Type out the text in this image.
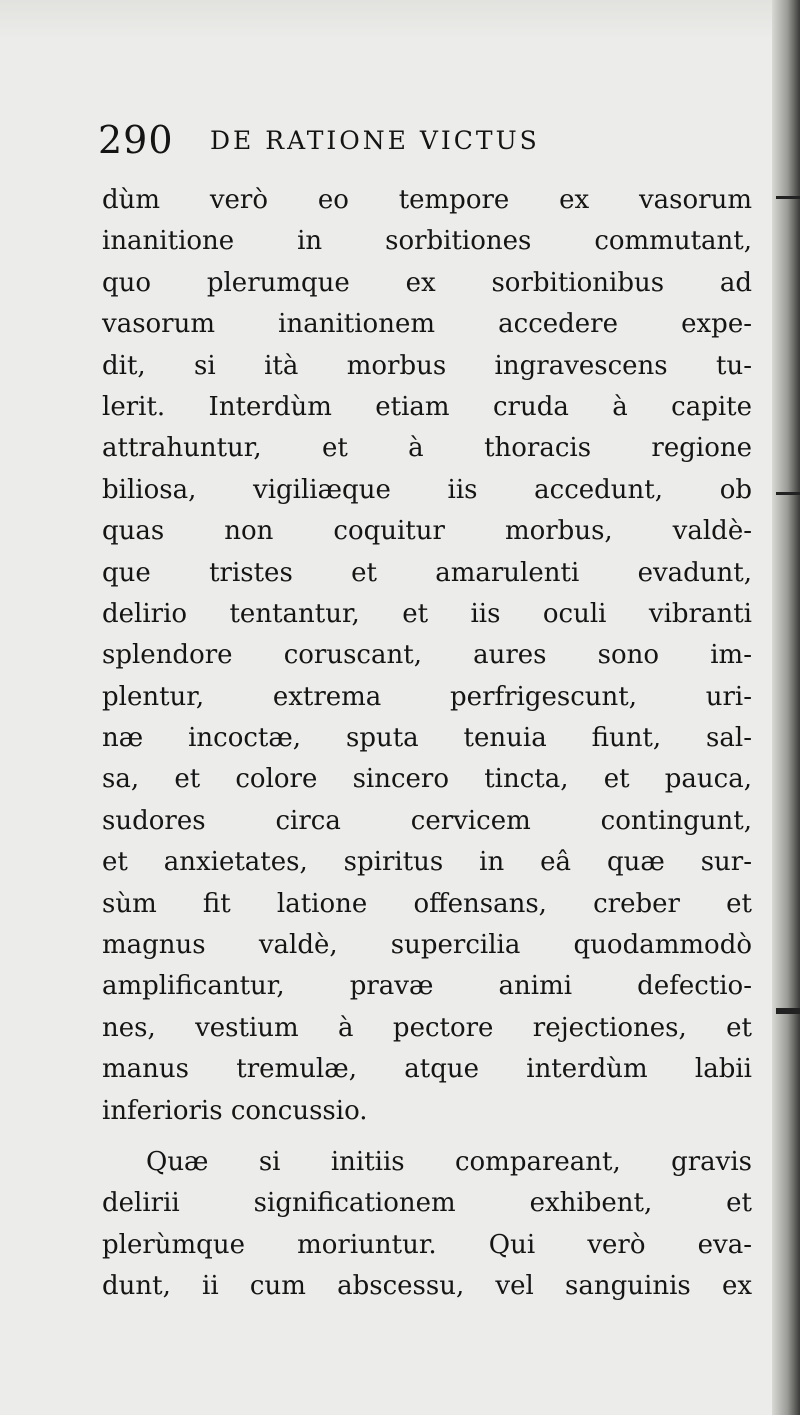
290 DE RATIONE VICTUS
dùm verò eo tempore ex vasorum
inanitione in sorbitiones commutant,
quo plerumque ex sorbitionibus ad
vasorum inanitionem accedere expe-
dit, si ità morbus ingravescens tu-
lerit. Interdùm etiam cruda à capite
attrahuntur, et à thoracis regione
biliosa, vigiliæque iis accedunt, ob
quas non coquitur morbus, valdè-
que tristes et amarulenti evadunt,
delirio tentantur, et iis oculi vibranti
splendore coruscant, aures sono im-
plentur, extrema perfrigescunt, uri-
næ incoctæ, sputa tenuia fiunt, sal-
sa, et colore sincero tincta, et pauca,
sudores circa cervicem contingunt,
et anxietates, spiritus in eâ quæ sur-
sùm fit latione offensans, creber et
magnus valdè, supercilia quodammodò
amplificantur, pravæ animi defectio-
nes, vestium à pectore rejectiones, et
manus tremulæ, atque interdùm labii
inferioris concussio.
Quæ si initiis compareant, gravis
delirii significationem exhibent, et
plerùmque moriuntur. Qui verò eva-
dunt, ii cum abscessu, vel sanguinis ex
